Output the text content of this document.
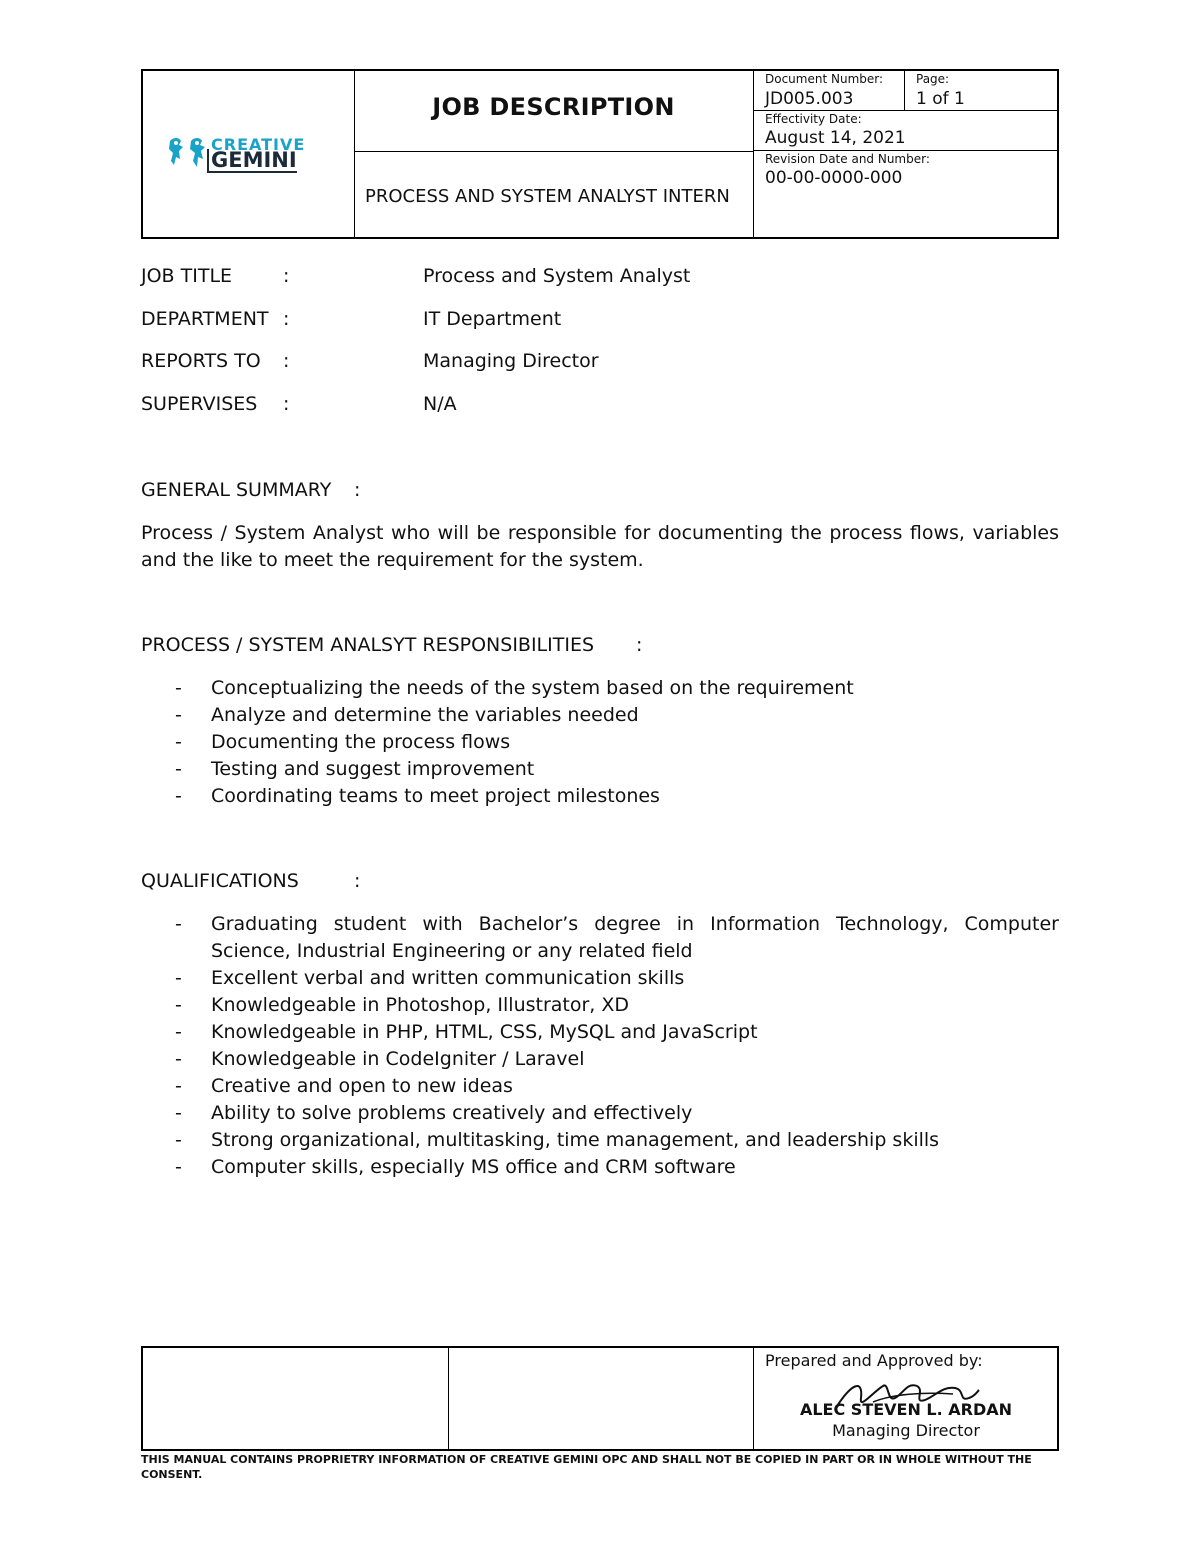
CREATIVE
GEMINI
JOB DESCRIPTION
PROCESS AND SYSTEM ANALYST INTERN
Document Number:
JD005.003
Page:
1 of 1
Effectivity Date:
August 14, 2021
Revision Date and Number:
00-00-0000-000
JOB TITLE	:	Process and System Analyst
DEPARTMENT :	IT Department
REPORTS TO :	Managing Director
SUPERVISES :	N/A
GENERAL SUMMARY :
Process / System Analyst who will be responsible for documenting the process flows, variables
and the like to meet the requirement for the system.
PROCESS / SYSTEM ANALSYT RESPONSIBILITIES :
- Conceptualizing the needs of the system based on the requirement
- Analyze and determine the variables needed
- Documenting the process flows
- Testing and suggest improvement
- Coordinating teams to meet project milestones
QUALIFICATIONS	:
- Graduating student with Bachelor’s degree in Information Technology, Computer Science, Industrial Engineering or any related field
- Excellent verbal and written communication skills
- Knowledgeable in Photoshop, Illustrator, XD
- Knowledgeable in PHP, HTML, CSS, MySQL and JavaScript
- Knowledgeable in CodeIgniter / Laravel
- Creative and open to new ideas
- Ability to solve problems creatively and effectively
- Strong organizational, multitasking, time management, and leadership skills
- Computer skills, especially MS office and CRM software
Prepared and Approved by:
ALEC STEVEN L. ARDAN
Managing Director
THIS MANUAL CONTAINS PROPRIETRY INFORMATION OF CREATIVE GEMINI OPC AND SHALL NOT BE COPIED IN PART OR IN WHOLE WITHOUT THE CONSENT.
